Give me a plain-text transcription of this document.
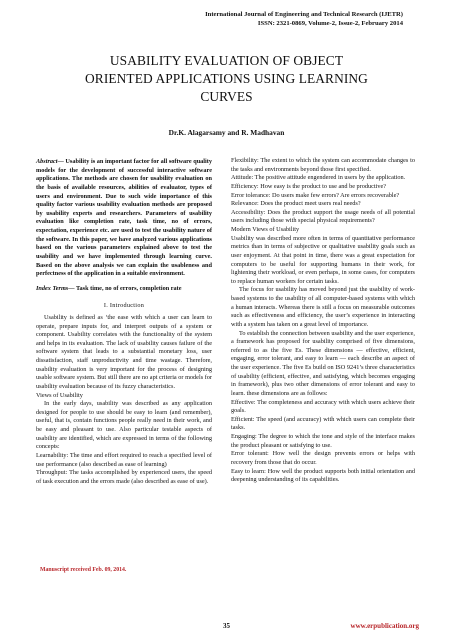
International Journal of Engineering and Technical Research (IJETR)
ISSN: 2321-0869, Volume-2, Issue-2, February 2014
USABILITY EVALUATION OF OBJECT
ORIENTED APPLICATIONS USING LEARNING
CURVES
Dr.K. Alagarsamy and R. Madhavan

Abstract— Usability is an important factor for all software quality models for the development of successful interactive software applications. The methods are chosen for usability evaluation on the basis of available resources, abilities of evaluator, types of users and environment. Due to such wide importance of this quality factor various usability evaluation methods are proposed by usability experts and researchers. Parameters of usability evaluation like completion rate, task time, no of errors, expectation, experience etc. are used to test the usability nature of the software. In this paper, we have analyzed various applications based on the various parameters explained above to test the usability and we have implemented through learning curve. Based on the above analysis we can explain the usableness and perfectness of the application in a suitable environment.

Index Terms— Task time, no of errors, completion rate

I. Introduction

Usability is defined as ‘the ease with which a user can learn to operate, prepare inputs for, and interpret outputs of a system or component. Usability correlates with the functionality of the system and helps in its evaluation. The lack of usability causes failure of the software system that leads to a substantial monetary loss, user dissatisfaction, staff unproductivity and time wastage. Therefore, usability evaluation is very important for the process of designing usable software system. But still there are no apt criteria or models for usability evaluation because of its fuzzy characteristics.
Views of Usability
In the early days, usability was described as any application designed for people to use should be easy to learn (and remember), useful, that is, contain functions people really need in their work, and be easy and pleasant to use. Also particular testable aspects of usability are identified, which are expressed in terms of the following concepts:
Learnability: The time and effort required to reach a specified level of use performance (also described as ease of learning)
Throughput: The tasks accomplished by experienced users, the speed of task execution and the errors made (also described as ease of use).
Flexibility: The extent to which the system can accommodate changes to the tasks and environments beyond those first specified.
Attitude: The positive attitude engendered in users by the application.
Efficiency: How easy is the product to use and be productive?
Error tolerance: Do users make few errors? Are errors recoverable?
Relevance: Does the product meet users real needs?
Accessibility: Does the product support the usage needs of all potential users including those with special physical requirements?
Modern Views of Usability
Usability was described more often in terms of quantitative performance metrics than in terms of subjective or qualitative usability goals such as user enjoyment. At that point in time, there was a great expectation for computers to be useful for supporting humans in their work, for lightening their workload, or even perhaps, in some cases, for computers to replace human workers for certain tasks.
The focus for usability has moved beyond just the usability of work-based systems to the usability of all computer-based systems with which a human interacts. Whereas there is still a focus on measurable outcomes such as effectiveness and efficiency, the user’s experience in interacting with a system has taken on a great level of importance.
To establish the connection between usability and the user experience, a framework has proposed for usability comprised of five dimensions, referred to as the five Es. These dimensions — effective, efficient, engaging, error tolerant, and easy to learn — each describe an aspect of the user experience. The five Es build on ISO 9241’s three characteristics of usability (efficient, effective, and satisfying, which becomes engaging in framework), plus two other dimensions of error tolerant and easy to learn. these dimensions are as follows:
Effective: The completeness and accuracy with which users achieve their goals.
Efficient: The speed (and accuracy) with which users can complete their tasks.
Engaging: The degree to which the tone and style of the interface makes the product pleasant or satisfying to use.
Error tolerant: How well the design prevents errors or helps with recovery from those that do occur.
Easy to learn: How well the product supports both initial orientation and deepening understanding of its capabilities.
Manuscript received Feb. 09, 2014.
35	www.erpublication.org
